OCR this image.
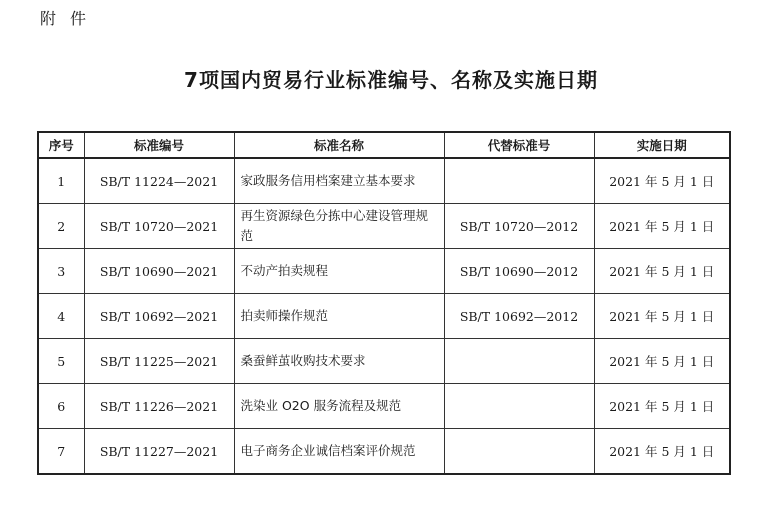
附件
7项国内贸易行业标准编号、名称及实施日期
序号	标准编号	标准名称	代替标准号	实施日期
1	SB/T 11224—2021	家政服务信用档案建立基本要求		2021 年 5 月 1 日
2	SB/T 10720—2021	再生资源绿色分拣中心建设管理规范	SB/T 10720—2012	2021 年 5 月 1 日
3	SB/T 10690—2021	不动产拍卖规程	SB/T 10690—2012	2021 年 5 月 1 日
4	SB/T 10692—2021	拍卖师操作规范	SB/T 10692—2012	2021 年 5 月 1 日
5	SB/T 11225—2021	桑蚕鲜茧收购技术要求		2021 年 5 月 1 日
6	SB/T 11226—2021	洗染业 O2O 服务流程及规范		2021 年 5 月 1 日
7	SB/T 11227—2021	电子商务企业诚信档案评价规范		2021 年 5 月 1 日
